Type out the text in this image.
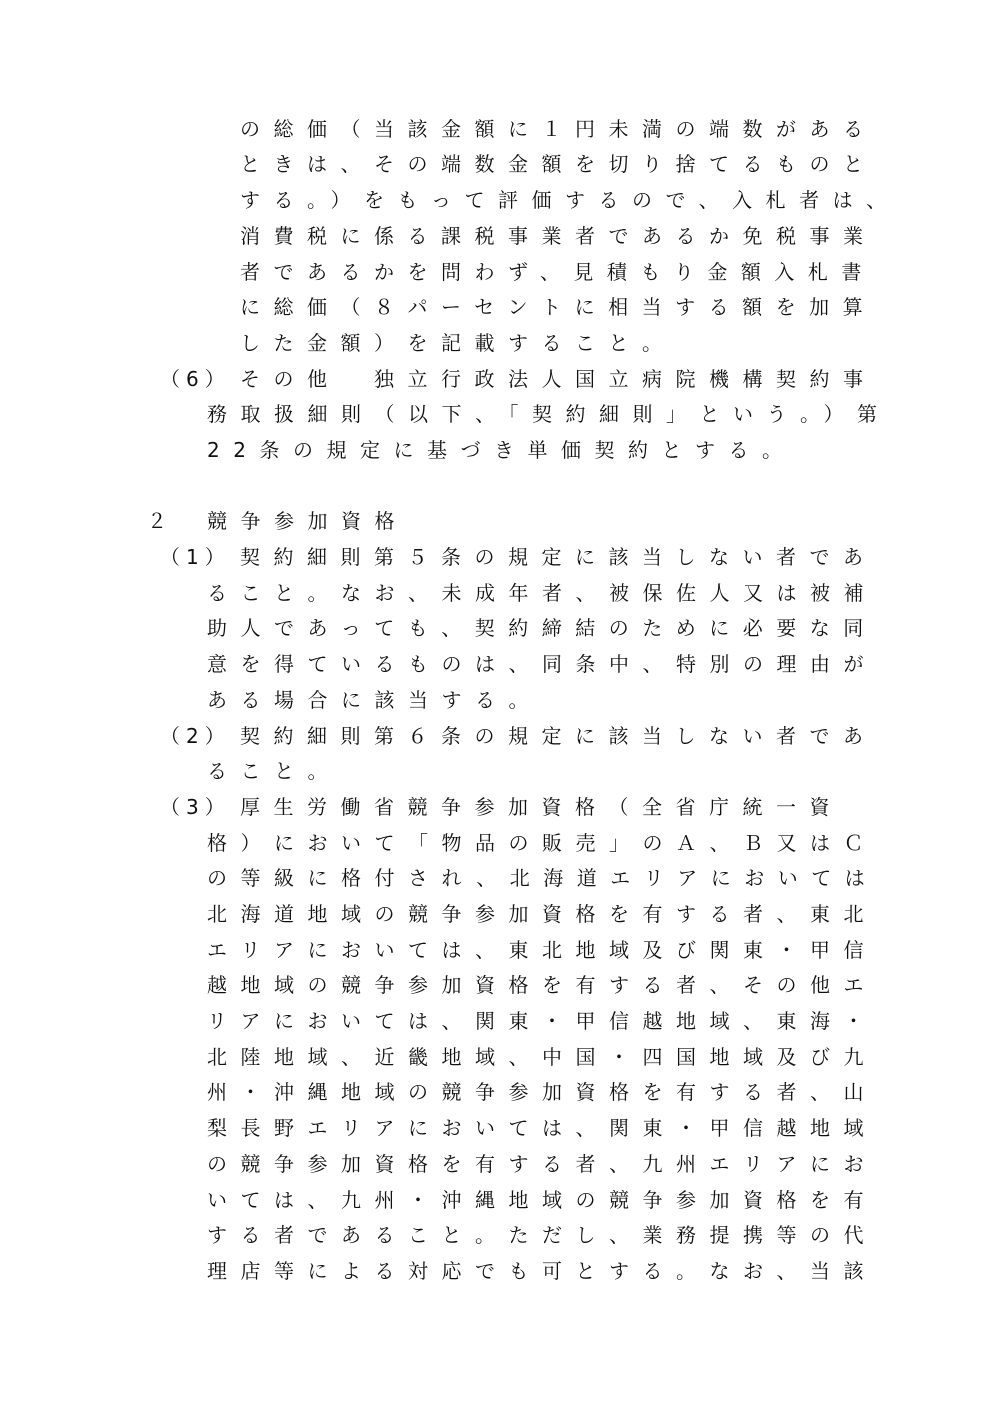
の総価（当該金額に１円未満の端数がある
ときは、その端数金額を切り捨てるものと
する。）をもって評価するので、入札者は、
消費税に係る課税事業者であるか免税事業
者であるかを問わず、見積もり金額入札書
に総価（８パーセントに相当する額を加算
した金額）を記載すること。
（6） その他　独立行政法人国立病院機構契約事
務取扱細則（以下、「契約細則」という。）第
22条の規定に基づき単価契約とする。
２ 競争参加資格
（1） 契約細則第５条の規定に該当しない者であ
ること。なお、未成年者、被保佐人又は被補
助人であっても、契約締結のために必要な同
意を得ているものは、同条中、特別の理由が
ある場合に該当する。
（2） 契約細則第６条の規定に該当しない者であ
ること。
（3） 厚生労働省競争参加資格（全省庁統一資
格）において「物品の販売」のＡ、Ｂ又はＣ
の等級に格付され、北海道エリアにおいては
北海道地域の競争参加資格を有する者、東北
エリアにおいては、東北地域及び関東・甲信
越地域の競争参加資格を有する者、その他エ
リアにおいては、関東・甲信越地域、東海・
北陸地域、近畿地域、中国・四国地域及び九
州・沖縄地域の競争参加資格を有する者、山
梨長野エリアにおいては、関東・甲信越地域
の競争参加資格を有する者、九州エリアにお
いては、九州・沖縄地域の競争参加資格を有
する者であること。ただし、業務提携等の代
理店等による対応でも可とする。なお、当該
